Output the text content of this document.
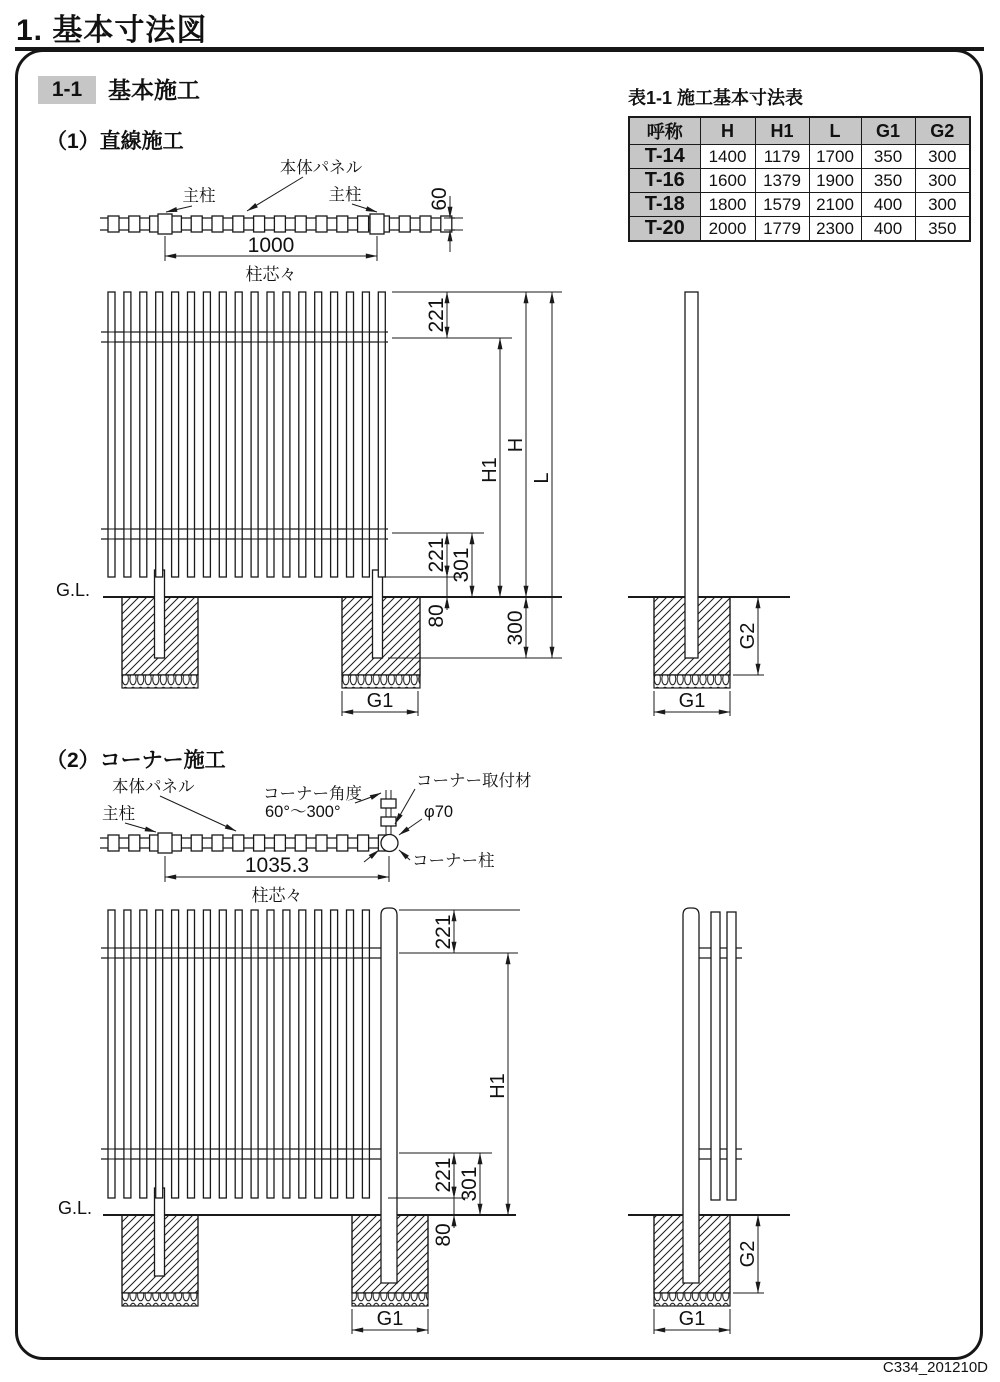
60
1000
柱芯々
本体パネル
主柱	主柱
221
H1
H
L
221 301
300
80
G1
G.L.
G2
G1
本体パネル
主柱
コーナー角度
60°〜300°
コーナー取付材
φ70
コーナー柱
1035.3
柱芯々
221
H1
221 301
80
G1
G.L.
G2
G1
1. 基本寸法図
1-1	基本施工
（1）直線施工
（2）コーナー施工

表1-1 施工基本寸法表

呼称	H	H1	L	G1	G2
T-14	1400	1179	1700	350	300
T-16	1600	1379	1900	350	300
T-18	1800	1579	2100	400	300
T-20	2000	1779	2300	400	350
C334_201210D
